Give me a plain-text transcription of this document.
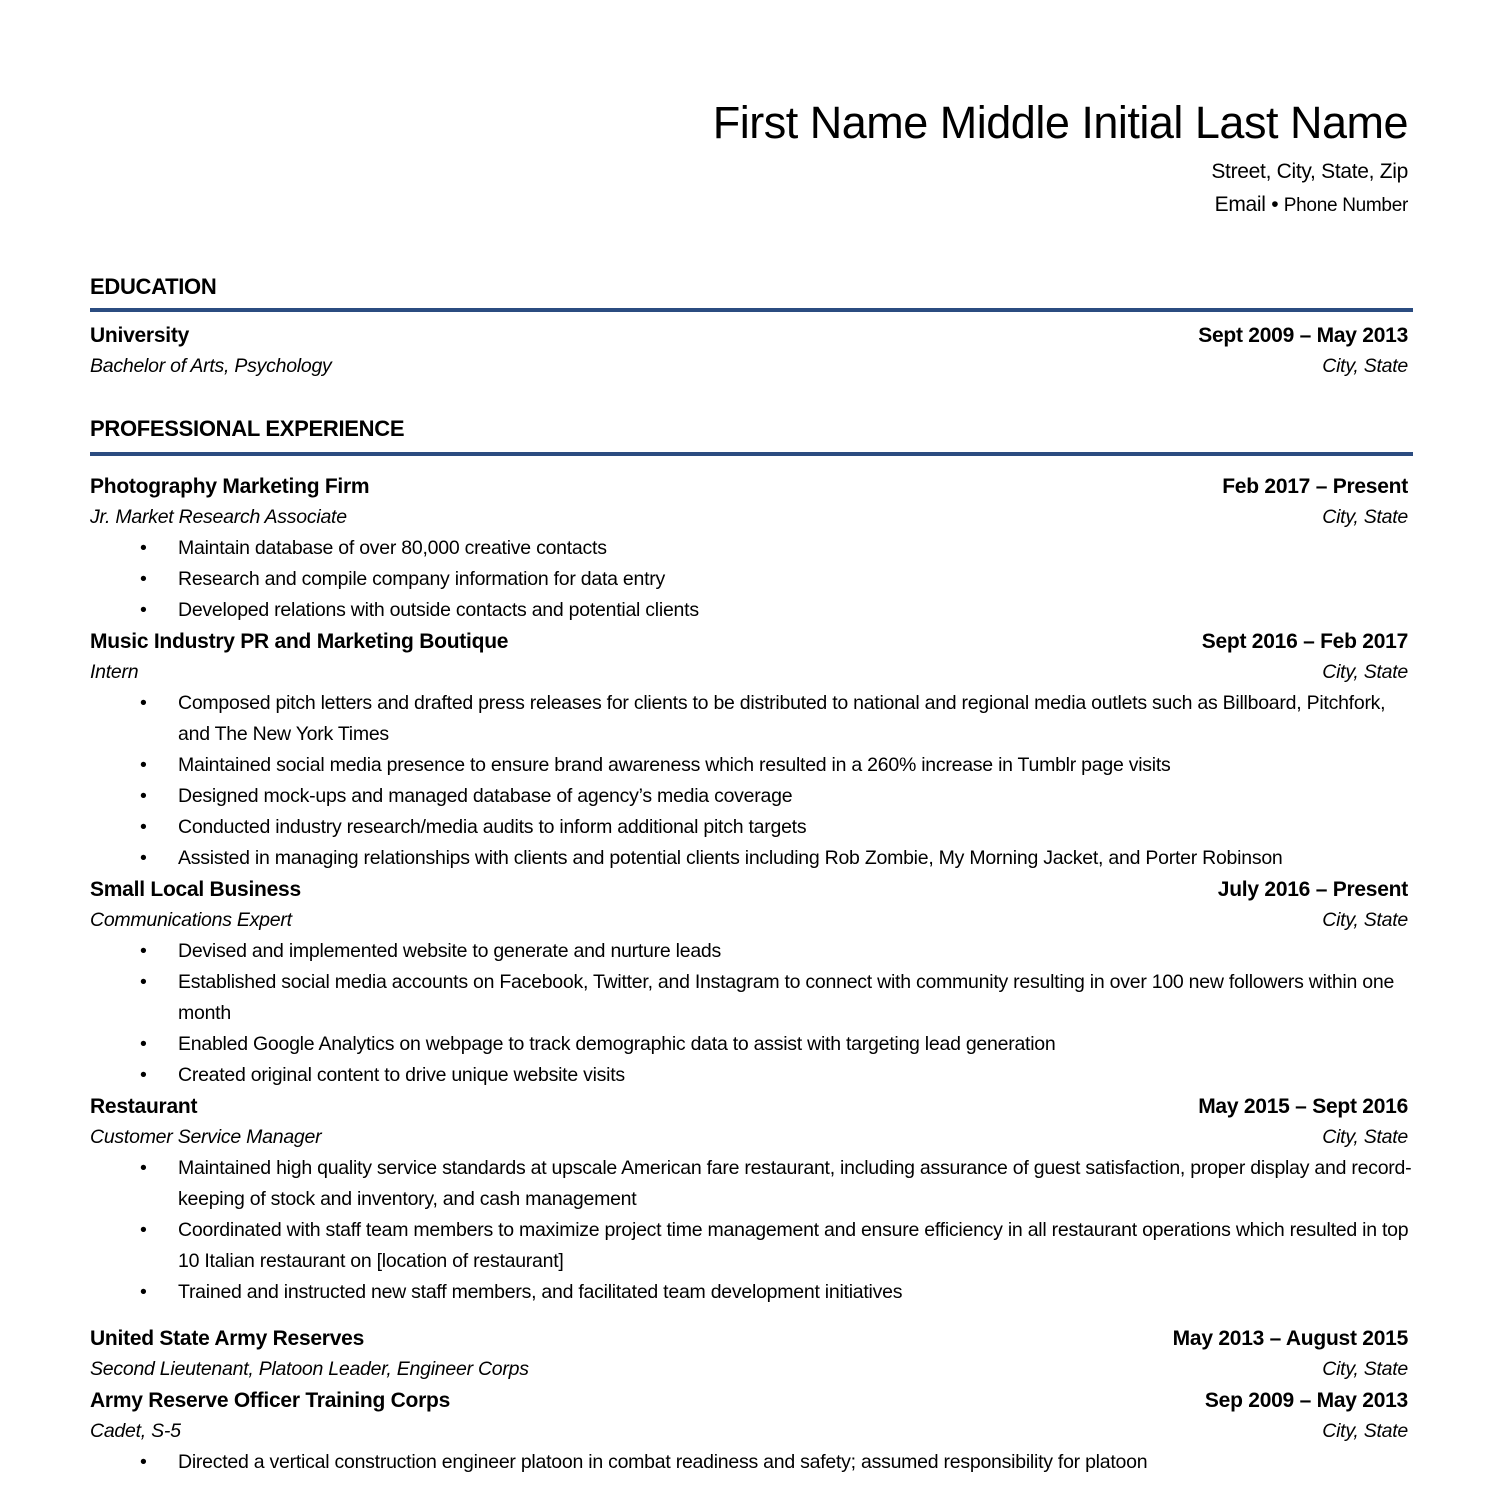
First Name Middle Initial Last Name
Street, City, State, Zip
Email • Phone Number
EDUCATION
University	Sept 2009 – May 2013
Bachelor of Arts, Psychology	City, State
PROFESSIONAL EXPERIENCE
Photography Marketing Firm	Feb 2017 – Present
Jr. Market Research Associate	City, State
• Maintain database of over 80,000 creative contacts
• Research and compile company information for data entry
• Developed relations with outside contacts and potential clients
Music Industry PR and Marketing Boutique	Sept 2016 – Feb 2017
Intern	City, State
• Composed pitch letters and drafted press releases for clients to be distributed to national and regional media outlets such as Billboard, Pitchfork, and The New York Times
• Maintained social media presence to ensure brand awareness which resulted in a 260% increase in Tumblr page visits
• Designed mock-ups and managed database of agency’s media coverage
• Conducted industry research/media audits to inform additional pitch targets
• Assisted in managing relationships with clients and potential clients including Rob Zombie, My Morning Jacket, and Porter Robinson
Small Local Business	July 2016 – Present
Communications Expert	City, State
• Devised and implemented website to generate and nurture leads
• Established social media accounts on Facebook, Twitter, and Instagram to connect with community resulting in over 100 new followers within one month
• Enabled Google Analytics on webpage to track demographic data to assist with targeting lead generation
• Created original content to drive unique website visits
Restaurant	May 2015 – Sept 2016
Customer Service Manager	City, State
• Maintained high quality service standards at upscale American fare restaurant, including assurance of guest satisfaction, proper display and record-keeping of stock and inventory, and cash management
• Coordinated with staff team members to maximize project time management and ensure efficiency in all restaurant operations which resulted in top 10 Italian restaurant on [location of restaurant]
• Trained and instructed new staff members, and facilitated team development initiatives
United State Army Reserves	May 2013 – August 2015
Second Lieutenant, Platoon Leader, Engineer Corps	City, State
Army Reserve Officer Training Corps	Sep 2009 – May 2013
Cadet, S-5	City, State
• Directed a vertical construction engineer platoon in combat readiness and safety; assumed responsibility for platoon
